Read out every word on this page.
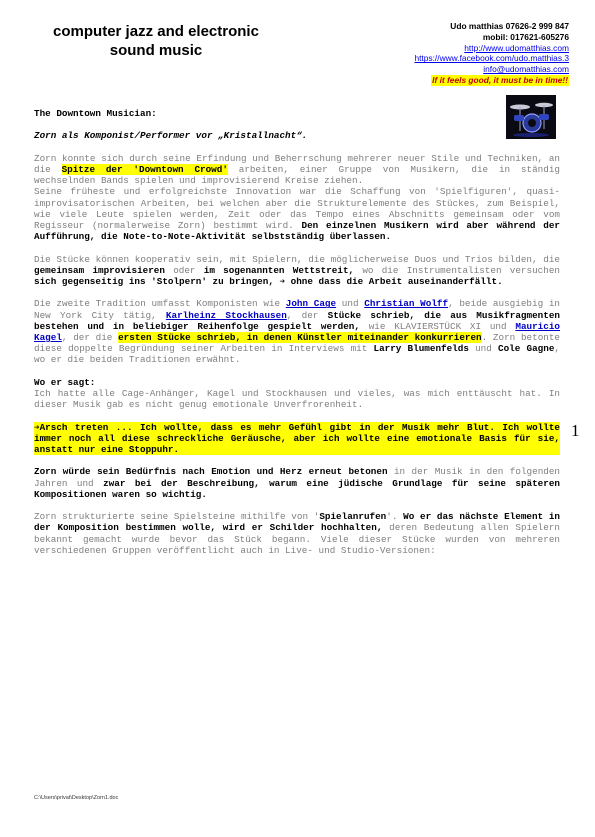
computer jazz and electronic sound music
Udo matthias 07626-2 999 847
mobil: 017621-605276
http://www.udomatthias.com
https://www.facebook.com/udo.matthias.3
info@udomatthias.com
If it feels good, it must be in time!!

The Downtown Musician:

Zorn als Komponist/Performer vor „Kristallnacht“.

Zorn konnte sich durch seine Erfindung und Beherrschung mehrerer neuer Stile und Techniken, an die Spitze der 'Downtown Crowd' arbeiten, einer Gruppe von Musikern, die in ständig wechselnden Bands spielen und improvisierend Kreise ziehen.

Seine früheste und erfolgreichste Innovation war die Schaffung von 'Spielfiguren', quasi-improvisatorischen Arbeiten, bei welchen aber die Strukturelemente des Stückes, zum Beispiel, wie viele Leute spielen werden, Zeit oder das Tempo eines Abschnitts gemeinsam oder vom Regisseur (normalerweise Zorn) bestimmt wird. Den einzelnen Musikern wird aber während der Aufführung, die Note-to-Note-Aktivität selbstständig überlassen.

Die Stücke können kooperativ sein, mit Spielern, die möglicherweise Duos und Trios bilden, die gemeinsam improvisieren oder im sogenannten Wettstreit, wo die Instrumentalisten versuchen sich gegenseitig ins 'Stolpern' zu bringen, ➔ ohne dass die Arbeit auseinanderfällt.

Die zweite Tradition umfasst Komponisten wie John Cage und Christian Wolff, beide ausgiebig in New York City tätig, Karlheinz Stockhausen, der Stücke schrieb, die aus Musikfragmenten bestehen und in beliebiger Reihenfolge gespielt werden, wie KLAVIERSTÜCK XI und Mauricio Kagel, der die ersten Stücke schrieb, in denen Künstler miteinander konkurrieren. Zorn betonte diese doppelte Begründung seiner Arbeiten in Interviews mit Larry Blumenfelds und Cole Gagne, wo er die beiden Traditionen erwähnt.

Wo er sagt:
Ich hatte alle Cage-Anhänger, Kagel und Stockhausen und vieles, was mich enttäuscht hat. In dieser Musik gab es nicht genug emotionale Unverfrorenheit.

➔Arsch treten ... Ich wollte, dass es mehr Gefühl gibt in der Musik mehr Blut. Ich wollte immer noch all diese schreckliche Geräusche, aber ich wollte eine emotionale Basis für sie, anstatt nur eine Stoppuhr.

Zorn würde sein Bedürfnis nach Emotion und Herz erneut betonen in der Musik in den folgenden Jahren und zwar bei der Beschreibung, warum eine jüdische Grundlage für seine späteren Kompositionen waren so wichtig.

Zorn strukturierte seine Spielsteine mithilfe von 'Spielanrufen'. Wo er das nächste Element in der Komposition bestimmen wolle, wird er Schilder hochhalten, deren Bedeutung allen Spielern bekannt gemacht wurde bevor das Stück begann. Viele dieser Stücke wurden von mehreren verschiedenen Gruppen veröffentlicht auch in Live- und Studio-Versionen:

1
C:\Users\privat\Desktop\Zorn1.doc
